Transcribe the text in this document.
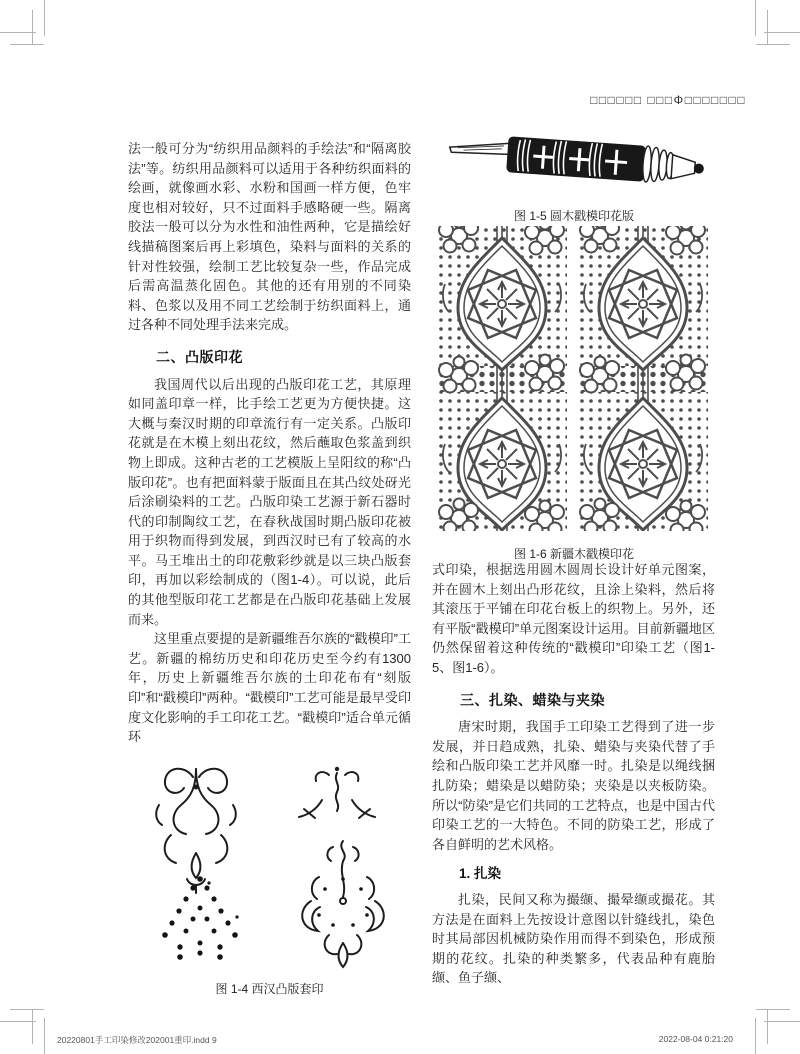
□□□□□□ □□□Φ□□□□□□□

法一般可分为“纺织用品颜料的手绘法”和“隔离胶法”等。纺织用品颜料可以适用于各种纺织面料的绘画，就像画水彩、水粉和国画一样方便，色牢度也相对较好，只不过面料手感略硬一些。隔离胶法一般可以分为水性和油性两种，它是描绘好线描稿图案后再上彩填色，染料与面料的关系的针对性较强，绘制工艺比较复杂一些，作品完成后需高温蒸化固色。其他的还有用别的不同染料、色浆以及用不同工艺绘制于纺织面料上，通过各种不同处理手法来完成。

二、凸版印花

我国周代以后出现的凸版印花工艺，其原理如同盖印章一样，比手绘工艺更为方便快捷。这大概与秦汉时期的印章流行有一定关系。凸版印花就是在木模上刻出花纹，然后蘸取色浆盖到织物上即成。这种古老的工艺模版上呈阳纹的称“凸版印花”。也有把面料蒙于版面且在其凸纹处砑光后涂刷染料的工艺。凸版印染工艺源于新石器时代的印制陶纹工艺，在春秋战国时期凸版印花被用于织物而得到发展，到西汉时已有了较高的水平。马王堆出土的印花敷彩纱就是以三块凸版套印，再加以彩绘制成的（图1-4）。可以说，此后的其他型版印花工艺都是在凸版印花基础上发展而来。

这里重点要提的是新疆维吾尔族的“戳模印”工艺。新疆的棉纺历史和印花历史至今约有1300年，历史上新疆维吾尔族的土印花布有“刻版印”和“戳模印”两种。“戳模印”工艺可能是最早受印度文化影响的手工印花工艺。“戳模印”适合单元循环

图 1-4 西汉凸版套印
图 1-5 圆木戳模印花版
图 1-6 新疆木戳模印花

式印染，根据选用圆木圆周长设计好单元图案，并在圆木上刻出凸形花纹，且涂上染料，然后将其滚压于平铺在印花台板上的织物上。另外，还有平版“戳模印”单元图案设计运用。目前新疆地区仍然保留着这种传统的“戳模印”印染工艺（图1-5、图1-6）。

三、扎染、蜡染与夹染

唐宋时期，我国手工印染工艺得到了进一步发展，并日趋成熟，扎染、蜡染与夹染代替了手绘和凸版印染工艺并风靡一时。扎染是以绳线捆扎防染；蜡染是以蜡防染；夹染是以夹板防染。所以“防染”是它们共同的工艺特点，也是中国古代印染工艺的一大特色。不同的防染工艺，形成了各自鲜明的艺术风格。

1. 扎染

扎染，民间又称为撮缬、撮晕缬或撮花。其方法是在面料上先按设计意图以针缝线扎，染色时其局部因机械防染作用而得不到染色，形成预期的花纹。扎染的种类繁多，代表品种有鹿胎缬、鱼子缬、

20220801手工印染修改202001重印.indd 9	2022-08-04 0:21:20
